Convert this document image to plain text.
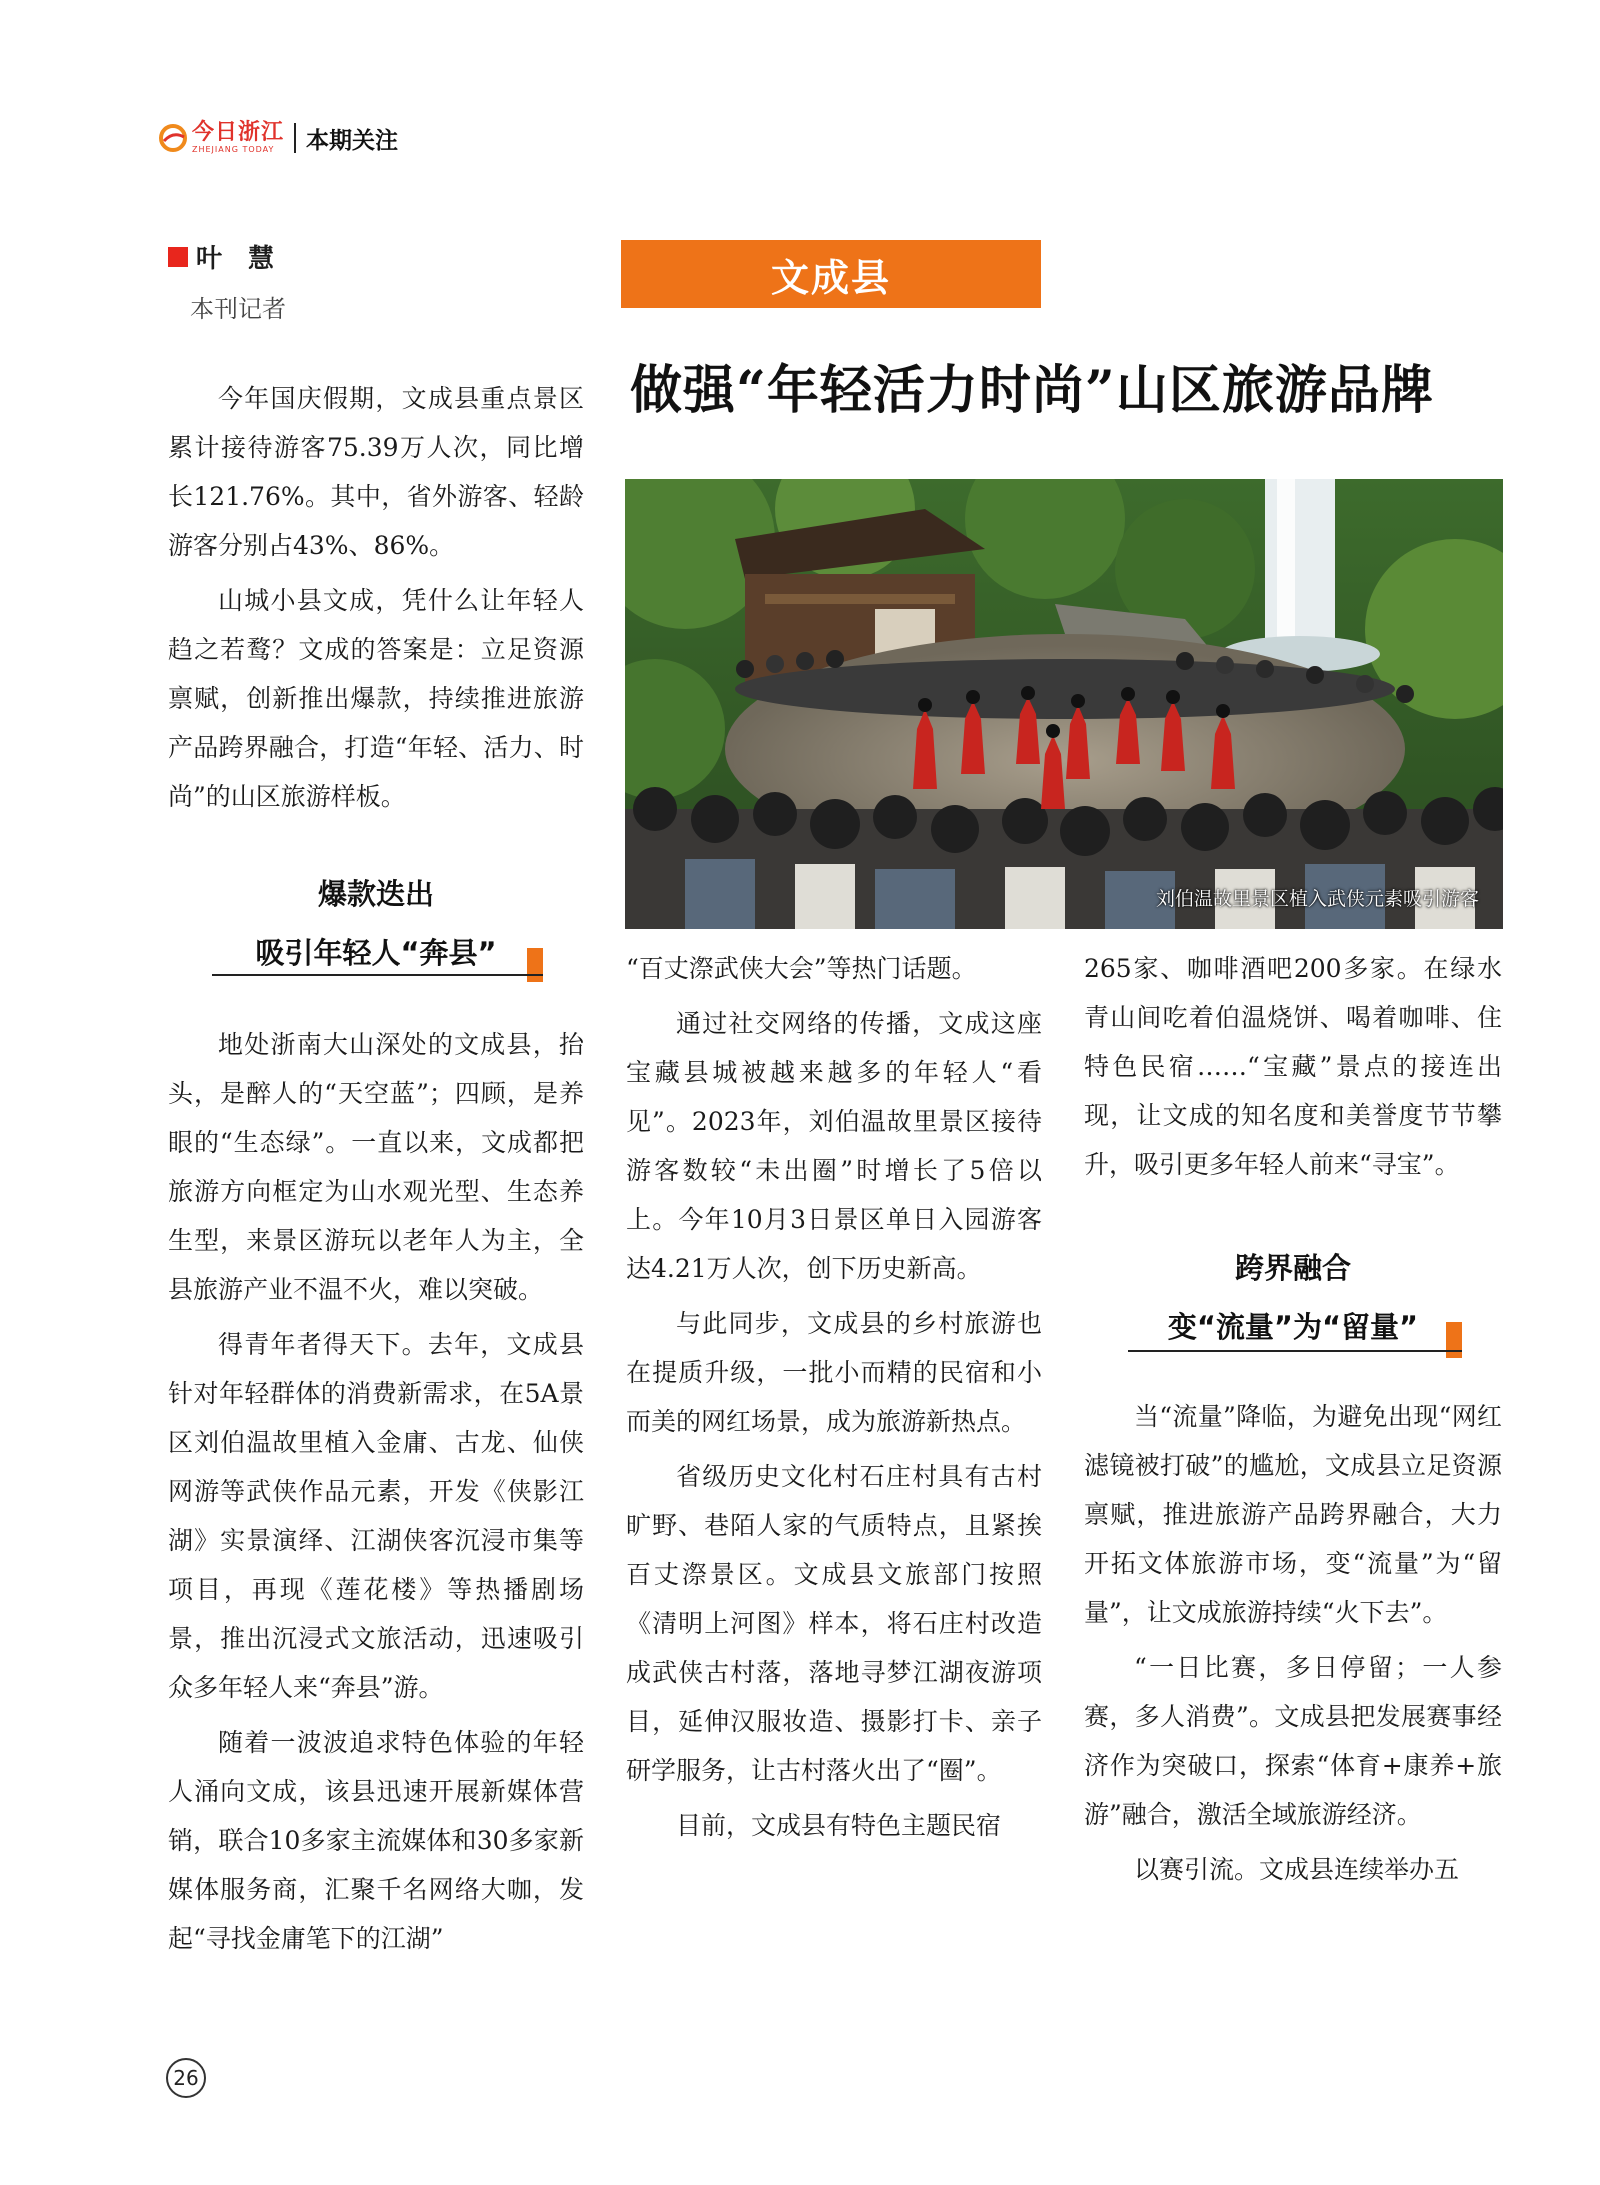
今日浙江
ZHEJIANG TODAY	本期关注
叶　慧
本刊记者
文成县
做强“年轻活力时尚”山区旅游品牌
刘伯温故里景区植入武侠元素吸引游客

今年国庆假期，文成县重点景区累计接待游客75.39万人次，同比增长121.76%。其中，省外游客、轻龄游客分别占43%、86%。

山城小县文成，凭什么让年轻人趋之若鹜？文成的答案是：立足资源禀赋，创新推出爆款，持续推进旅游产品跨界融合，打造“年轻、活力、时尚”的山区旅游样板。

爆款迭出
吸引年轻人“奔县”

地处浙南大山深处的文成县，抬头，是醉人的“天空蓝”；四顾，是养眼的“生态绿”。一直以来，文成都把旅游方向框定为山水观光型、生态养生型，来景区游玩以老年人为主，全县旅游产业不温不火，难以突破。

得青年者得天下。去年，文成县针对年轻群体的消费新需求，在5A景区刘伯温故里植入金庸、古龙、仙侠网游等武侠作品元素，开发《侠影江湖》实景演绎、江湖侠客沉浸市集等项目，再现《莲花楼》等热播剧场景，推出沉浸式文旅活动，迅速吸引众多年轻人来“奔县”游。

随着一波波追求特色体验的年轻人涌向文成，该县迅速开展新媒体营销，联合10多家主流媒体和30多家新媒体服务商，汇聚千名网络大咖，发起“寻找金庸笔下的江湖”

“百丈漈武侠大会”等热门话题。

通过社交网络的传播，文成这座宝藏县城被越来越多的年轻人“看见”。2023年，刘伯温故里景区接待游客数较“未出圈”时增长了5倍以上。今年10月3日景区单日入园游客达4.21万人次，创下历史新高。

与此同步，文成县的乡村旅游也在提质升级，一批小而精的民宿和小而美的网红场景，成为旅游新热点。

省级历史文化村石庄村具有古村旷野、巷陌人家的气质特点，且紧挨百丈漈景区。文成县文旅部门按照《清明上河图》样本，将石庄村改造成武侠古村落，落地寻梦江湖夜游项目，延伸汉服妆造、摄影打卡、亲子研学服务，让古村落火出了“圈”。

目前，文成县有特色主题民宿

265家、咖啡酒吧200多家。在绿水青山间吃着伯温烧饼、喝着咖啡、住特色民宿……“宝藏”景点的接连出现，让文成的知名度和美誉度节节攀升，吸引更多年轻人前来“寻宝”。

跨界融合
变“流量”为“留量”

当“流量”降临，为避免出现“网红滤镜被打破”的尴尬，文成县立足资源禀赋，推进旅游产品跨界融合，大力开拓文体旅游市场，变“流量”为“留量”，让文成旅游持续“火下去”。

“一日比赛，多日停留；一人参赛，多人消费”。文成县把发展赛事经济作为突破口，探索“体育+康养+旅游”融合，激活全域旅游经济。

以赛引流。文成县连续举办五

26
